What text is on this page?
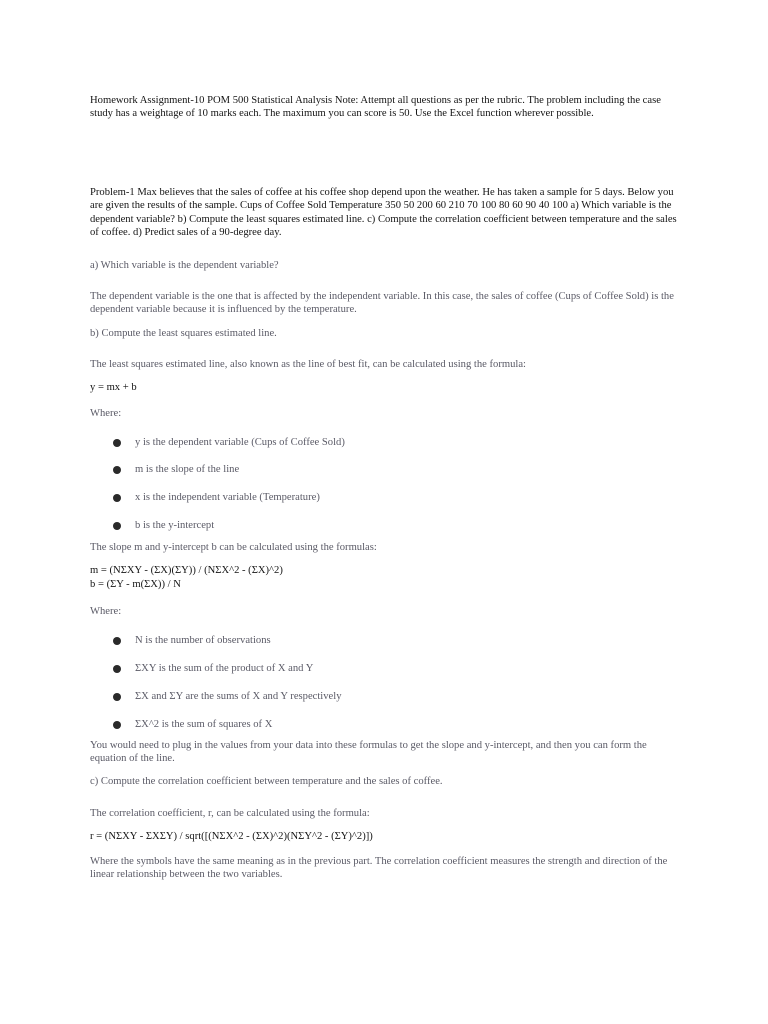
Homework Assignment-10 POM 500 Statistical Analysis Note: Attempt all questions as per the rubric. The problem including the case study has a weightage of 10 marks each. The maximum you can score is 50. Use the Excel function wherever possible.
Problem-1 Max believes that the sales of coffee at his coffee shop depend upon the weather. He has taken a sample for 5 days. Below you are given the results of the sample. Cups of Coffee Sold Temperature 350 50 200 60 210 70 100 80 60 90 40 100 a) Which variable is the dependent variable? b) Compute the least squares estimated line. c) Compute the correlation coefficient between temperature and the sales of coffee. d) Predict sales of a 90-degree day.
a) Which variable is the dependent variable?
The dependent variable is the one that is affected by the independent variable. In this case, the sales of coffee (Cups of Coffee Sold) is the dependent variable because it is influenced by the temperature.
b) Compute the least squares estimated line.
The least squares estimated line, also known as the line of best fit, can be calculated using the formula:
y = mx + b
Where:
y is the dependent variable (Cups of Coffee Sold)
m is the slope of the line
x is the independent variable (Temperature)
b is the y-intercept
The slope m and y-intercept b can be calculated using the formulas:
m = (NΣXY - (ΣX)(ΣY)) / (NΣX^2 - (ΣX)^2)
b = (ΣY - m(ΣX)) / N
Where:
N is the number of observations
ΣXY is the sum of the product of X and Y
ΣX and ΣY are the sums of X and Y respectively
ΣX^2 is the sum of squares of X
You would need to plug in the values from your data into these formulas to get the slope and y-intercept, and then you can form the equation of the line.
c) Compute the correlation coefficient between temperature and the sales of coffee.
The correlation coefficient, r, can be calculated using the formula:
r = (NΣXY - ΣXΣY) / sqrt([(NΣX^2 - (ΣX)^2)(NΣY^2 - (ΣY)^2)])
Where the symbols have the same meaning as in the previous part. The correlation coefficient measures the strength and direction of the linear relationship between the two variables.
